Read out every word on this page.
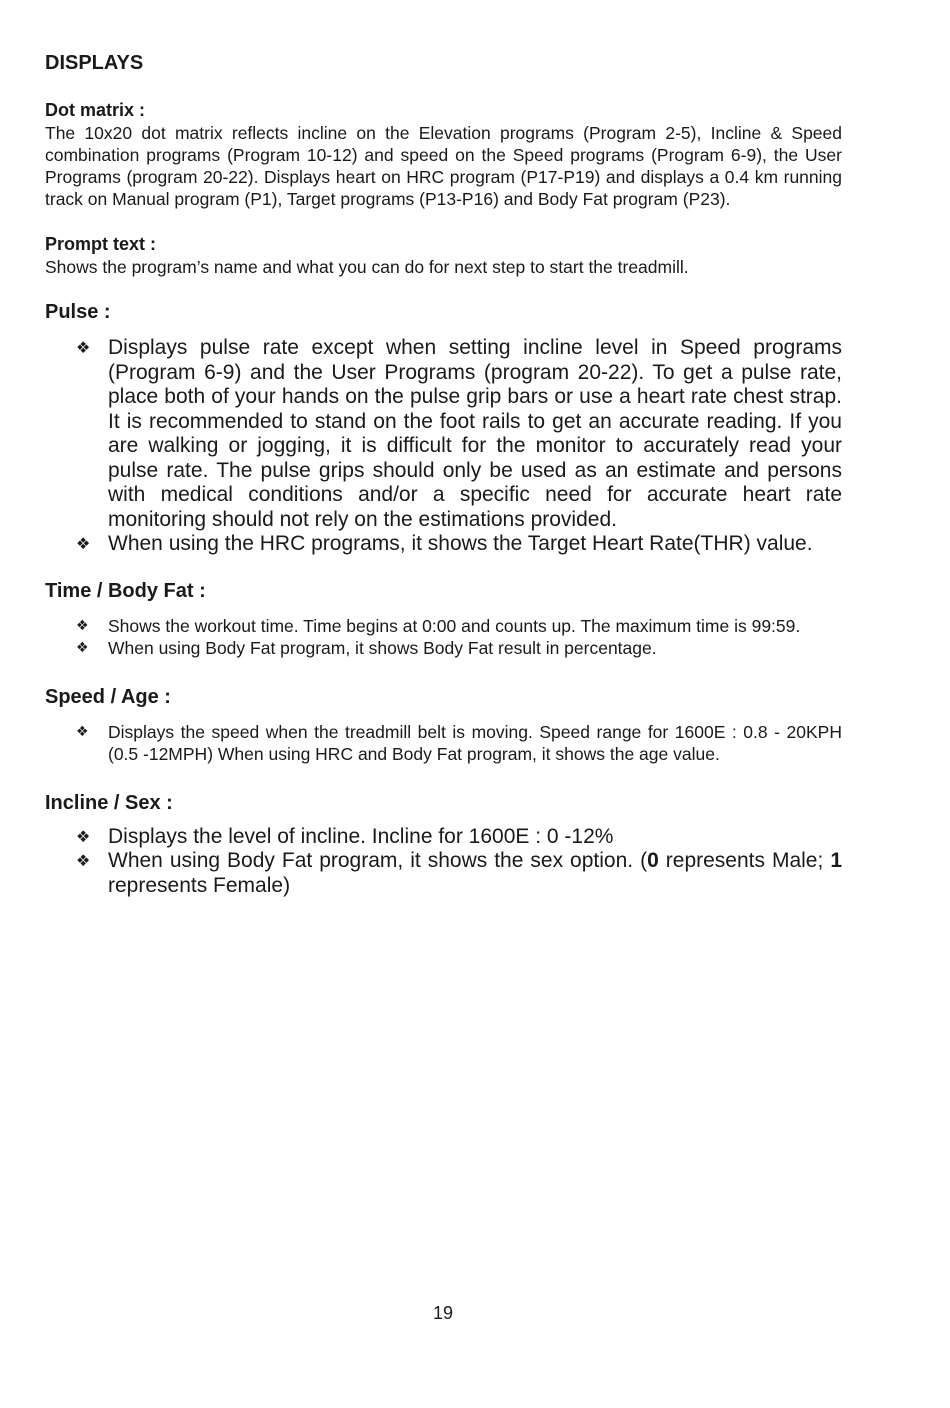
DISPLAYS
Dot matrix :

The 10x20 dot matrix reflects incline on the Elevation programs (Program 2-5), Incline & Speed combination programs (Program 10-12) and speed on the Speed programs (Program 6-9), the User Programs (program 20-22). Displays heart on HRC program (P17-P19) and displays a 0.4 km running track on Manual program (P1), Target programs (P13-P16) and Body Fat program (P23).

Prompt text :

Shows the program’s name and what you can do for next step to start the treadmill.

Pulse :
❖ Displays pulse rate except when setting incline level in Speed programs (Program 6-9) and the User Programs (program 20-22). To get a pulse rate, place both of your hands on the pulse grip bars or use a heart rate chest strap. It is recommended to stand on the foot rails to get an accurate reading. If you are walking or jogging, it is difficult for the monitor to accurately read your pulse rate. The pulse grips should only be used as an estimate and persons with medical conditions and/or a specific need for accurate heart rate monitoring should not rely on the estimations provided.
❖ When using the HRC programs, it shows the Target Heart Rate(THR) value.
Time / Body Fat :
❖ Shows the workout time. Time begins at 0:00 and counts up. The maximum time is 99:59.
❖ When using Body Fat program, it shows Body Fat result in percentage.
Speed / Age :
❖ Displays the speed when the treadmill belt is moving. Speed range for 1600E : 0.8 - 20KPH (0.5 -12MPH) When using HRC and Body Fat program, it shows the age value.
Incline / Sex :
❖ Displays the level of incline. Incline for 1600E : 0 -12%
❖ When using Body Fat program, it shows the sex option. (0 represents Male; 1 represents Female)
19
